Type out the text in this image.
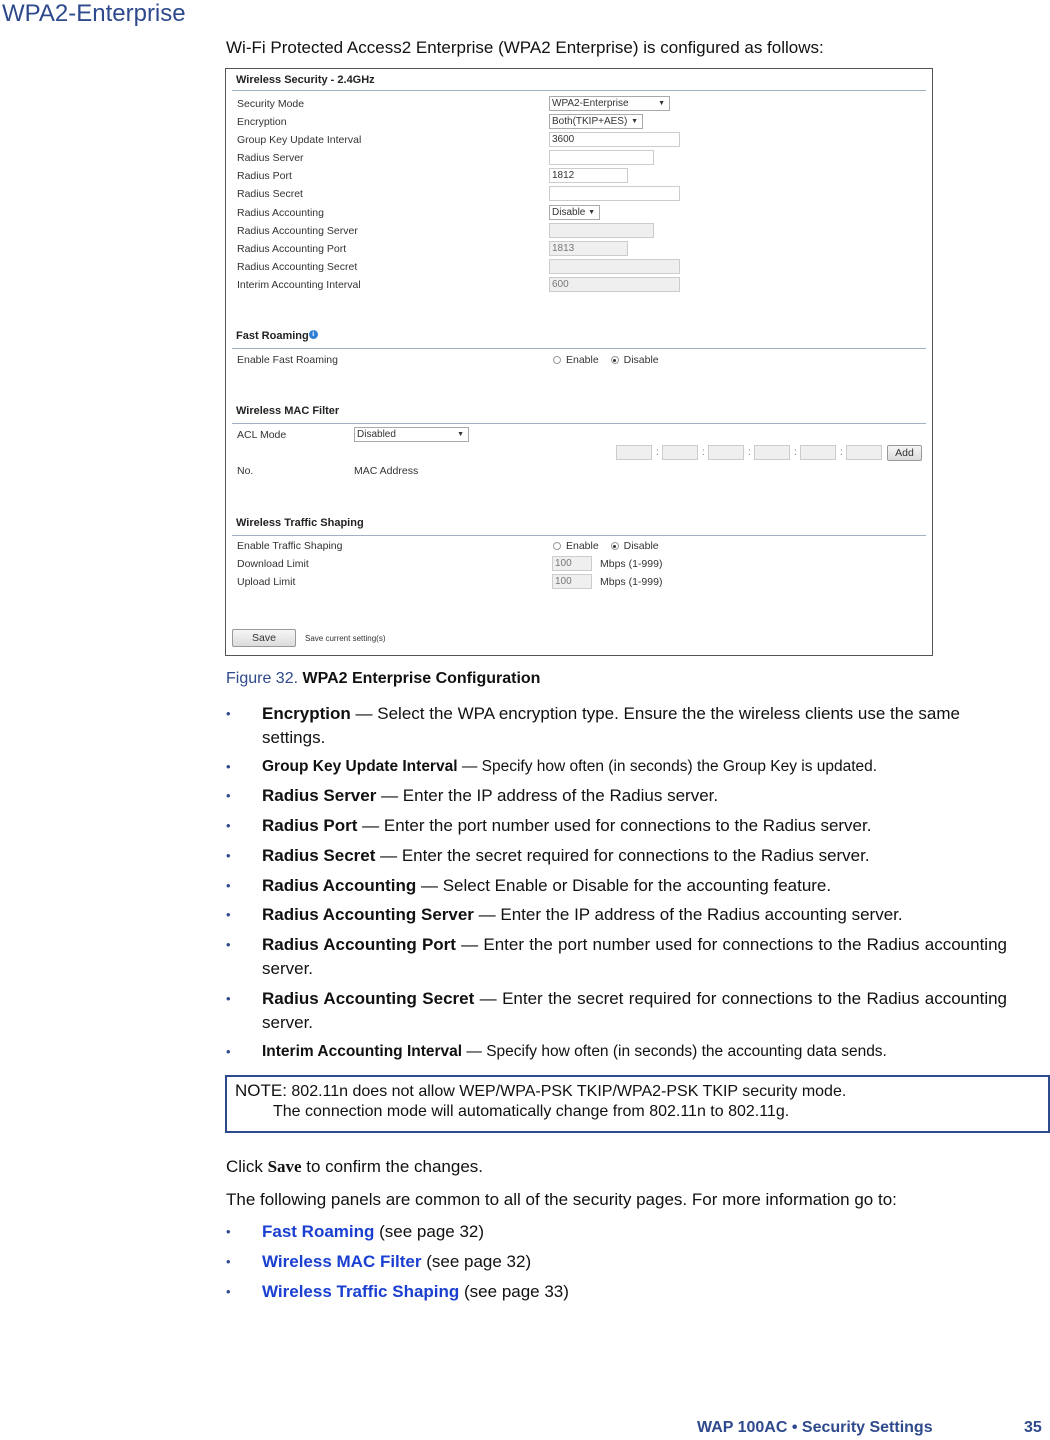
WPA2-Enterprise
Wi-Fi Protected Access2 Enterprise (WPA2 Enterprise) is configured as follows:
Wireless Security - 2.4GHz
Security Mode	WPA2-Enterprise	▼
Encryption	Both(TKIP+AES) ▼
Group Key Update Interval	3600
Radius Server
Radius Port	1812
Radius Secret
Radius Accounting	Disable ▼
Radius Accounting Server
Radius Accounting Port	1813
Radius Accounting Secret
Interim Accounting Interval	600
Fast Roaming i
Enable Fast Roaming	Enable Disable
Wireless MAC Filter
ACL Mode	Disabled	▼
:	:	:	:	:	Add
No.	MAC Address
Wireless Traffic Shaping
Enable Traffic Shaping	Enable Disable
Download Limit	100	Mbps (1-999)
Upload Limit	100	Mbps (1-999)
Save	Save current setting(s)
Figure 32. WPA2 Enterprise Configuration
• Encryption — Select the WPA encryption type. Ensure the the wireless clients use the same settings.
• Group Key Update Interval — Specify how often (in seconds) the Group Key is updated.
• Radius Server — Enter the IP address of the Radius server.
• Radius Port — Enter the port number used for connections to the Radius server.
• Radius Secret — Enter the secret required for connections to the Radius server.
• Radius Accounting — Select Enable or Disable for the accounting feature.
• Radius Accounting Server — Enter the IP address of the Radius accounting server.
• Radius Accounting Port — Enter the port number used for connections to the Radius accounting server.
• Radius Accounting Secret — Enter the secret required for connections to the Radius accounting server.
• Interim Accounting Interval — Specify how often (in seconds) the accounting data sends.
NOTE: 802.11n does not allow WEP/WPA-PSK TKIP/WPA2-PSK TKIP security mode.
The connection mode will automatically change from 802.11n to 802.11g.
Click Save to confirm the changes.
The following panels are common to all of the security pages. For more information go to:
• Fast Roaming (see page 32)
• Wireless MAC Filter (see page 32)
• Wireless Traffic Shaping (see page 33)
WAP 100AC • Security Settings	35
